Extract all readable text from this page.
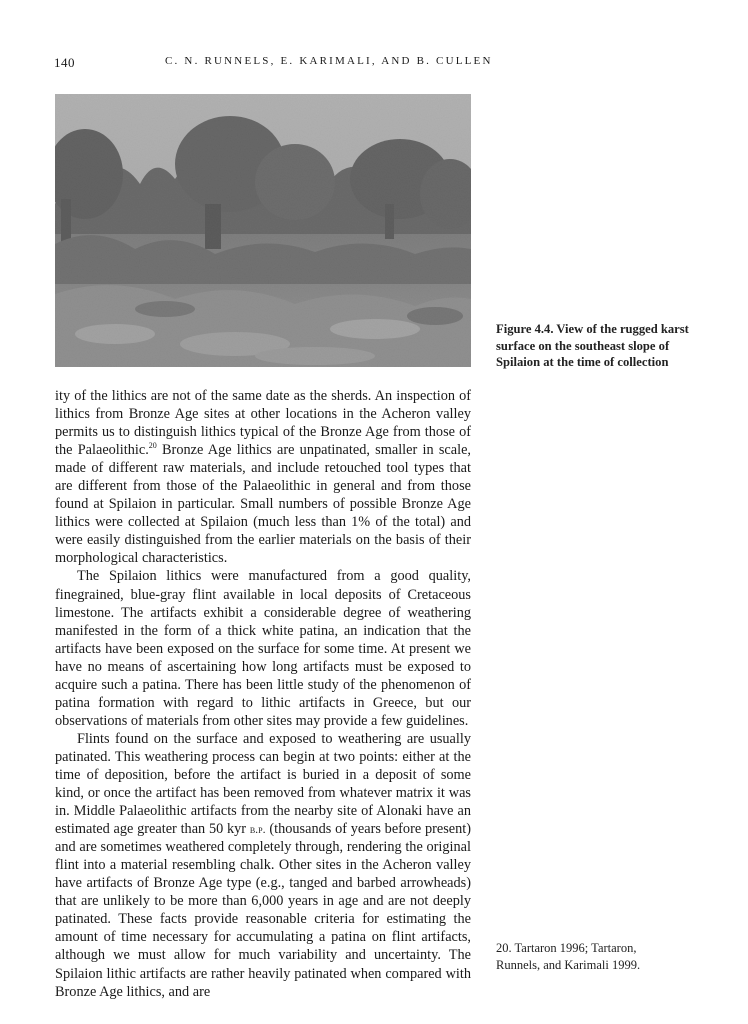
140	C. N. RUNNELS, E. KARIMALI, AND B. CULLEN
Figure 4.4. View of the rugged karst surface on the southeast slope of Spilaion at the time of collection

ity of the lithics are not of the same date as the sherds. An inspection of lithics from Bronze Age sites at other locations in the Acheron valley permits us to distinguish lithics typical of the Bronze Age from those of the Palaeolithic.$^{20}$ Bronze Age lithics are unpatinated, smaller in scale, made of different raw materials, and include retouched tool types that are different from those of the Palaeolithic in general and from those found at Spilaion in particular. Small numbers of possible Bronze Age lithics were collected at Spilaion (much less than 1% of the total) and were easily distinguished from the earlier materials on the basis of their morphological characteristics.

The Spilaion lithics were manufactured from a good quality, finegrained, blue-gray flint available in local deposits of Cretaceous limestone. The artifacts exhibit a considerable degree of weathering manifested in the form of a thick white patina, an indication that the artifacts have been exposed on the surface for some time. At present we have no means of ascertaining how long artifacts must be exposed to acquire such a patina. There has been little study of the phenomenon of patina formation with regard to lithic artifacts in Greece, but our observations of materials from other sites may provide a few guidelines.

Flints found on the surface and exposed to weathering are usually patinated. This weathering process can begin at two points: either at the time of deposition, before the artifact is buried in a deposit of some kind, or once the artifact has been removed from whatever matrix it was in. Middle Palaeolithic artifacts from the nearby site of Alonaki have an estimated age greater than 50 kyr b.p. (thousands of years before present) and are sometimes weathered completely through, rendering the original flint into a material resembling chalk. Other sites in the Acheron valley have artifacts of Bronze Age type (e.g., tanged and barbed arrowheads) that are unlikely to be more than 6,000 years in age and are not deeply patinated. These facts provide reasonable criteria for estimating the amount of time necessary for accumulating a patina on flint artifacts, although we must allow for much variability and uncertainty. The Spilaion lithic artifacts are rather heavily patinated when compared with Bronze Age lithics, and are

20. Tartaron 1996; Tartaron,
Runnels, and Karimali 1999.
